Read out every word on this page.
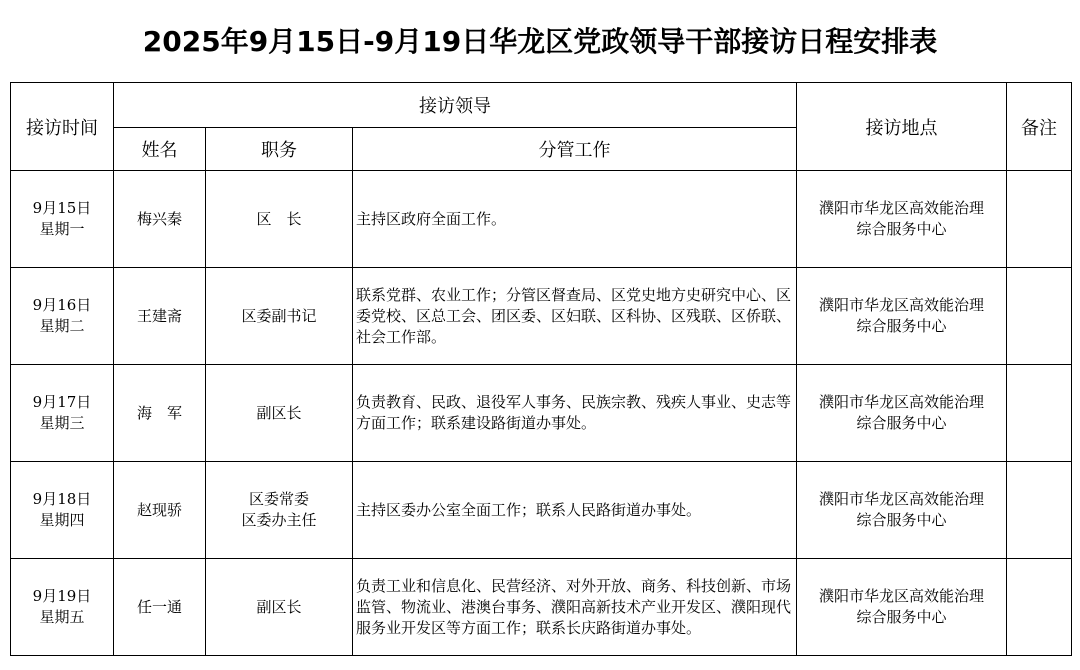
2025年9月15日-9月19日华龙区党政领导干部接访日程安排表
接访时间	接访领导			接访地点	备注
	姓名	职务	分管工作		

9月15日
星期一	梅兴秦	区　长	主持区政府全面工作。	濮阳市华龙区高效能治理
综合服务中心	

9月16日
星期二	王建斋	区委副书记	联系党群、农业工作；分管区督查局、区党史地方史研究中心、区委党校、区总工会、团区委、区妇联、区科协、区残联、区侨联、社会工作部。	濮阳市华龙区高效能治理
综合服务中心	

9月17日
星期三	海　军	副区长	负责教育、民政、退役军人事务、民族宗教、残疾人事业、史志等方面工作；联系建设路街道办事处。	濮阳市华龙区高效能治理
综合服务中心	

9月18日
星期四	赵现骄	区委常委
区委办主任	主持区委办公室全面工作；联系人民路街道办事处。	濮阳市华龙区高效能治理
综合服务中心	

9月19日
星期五	任一通	副区长	负责工业和信息化、民营经济、对外开放、商务、科技创新、市场监管、物流业、港澳台事务、濮阳高新技术产业开发区、濮阳现代服务业开发区等方面工作；联系长庆路街道办事处。	濮阳市华龙区高效能治理
综合服务中心	
